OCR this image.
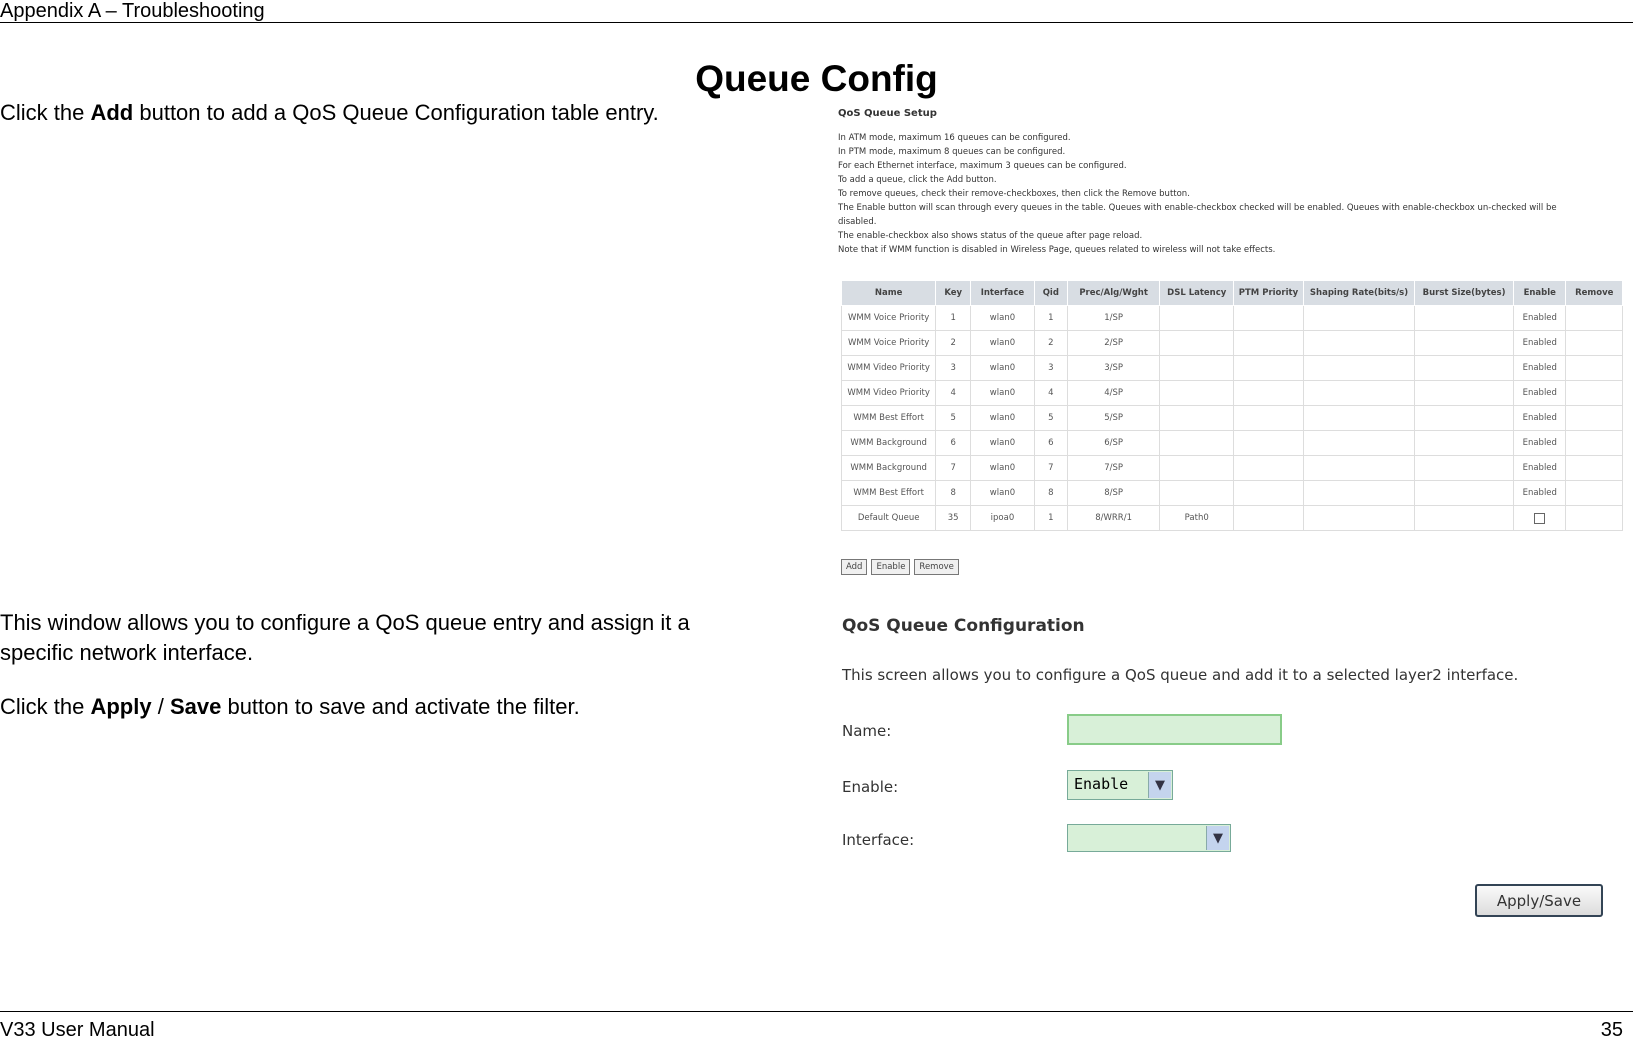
Appendix A – Troubleshooting
Queue Config
Click the Add button to add a QoS Queue Configuration table entry.
This window allows you to configure a QoS queue entry and assign it a
specific network interface.
Click the Apply / Save button to save and activate the filter.
QoS Queue Setup
In ATM mode, maximum 16 queues can be configured.
In PTM mode, maximum 8 queues can be configured.
For each Ethernet interface, maximum 3 queues can be configured.
To add a queue, click the Add button.
To remove queues, check their remove-checkboxes, then click the Remove button.
The Enable button will scan through every queues in the table. Queues with enable-checkbox checked will be enabled. Queues with enable-checkbox un-checked will be
disabled.
The enable-checkbox also shows status of the queue after page reload.
Note that if WMM function is disabled in Wireless Page, queues related to wireless will not take effects.
Name	Key	Interface	Qid	Prec/Alg/Wght	DSL Latency	PTM Priority	Shaping Rate(bits/s)	Burst Size(bytes)	Enable	Remove
WMM Voice Priority	1	wlan0	1	1/SP					Enabled	
WMM Voice Priority	2	wlan0	2	2/SP					Enabled	
WMM Video Priority	3	wlan0	3	3/SP					Enabled	
WMM Video Priority	4	wlan0	4	4/SP					Enabled	
WMM Best Effort	5	wlan0	5	5/SP					Enabled	
WMM Background	6	wlan0	6	6/SP					Enabled	
WMM Background	7	wlan0	7	7/SP					Enabled	
WMM Best Effort	8	wlan0	8	8/SP					Enabled	
Default Queue	35	ipoa0	1	8/WRR/1	Path0					
Add Enable Remove
QoS Queue Configuration
This screen allows you to configure a QoS queue and add it to a selected layer2 interface.
Name:
Enable:	Enable	▼
Interface:	▼
Apply/Save
V33 User Manual	35
